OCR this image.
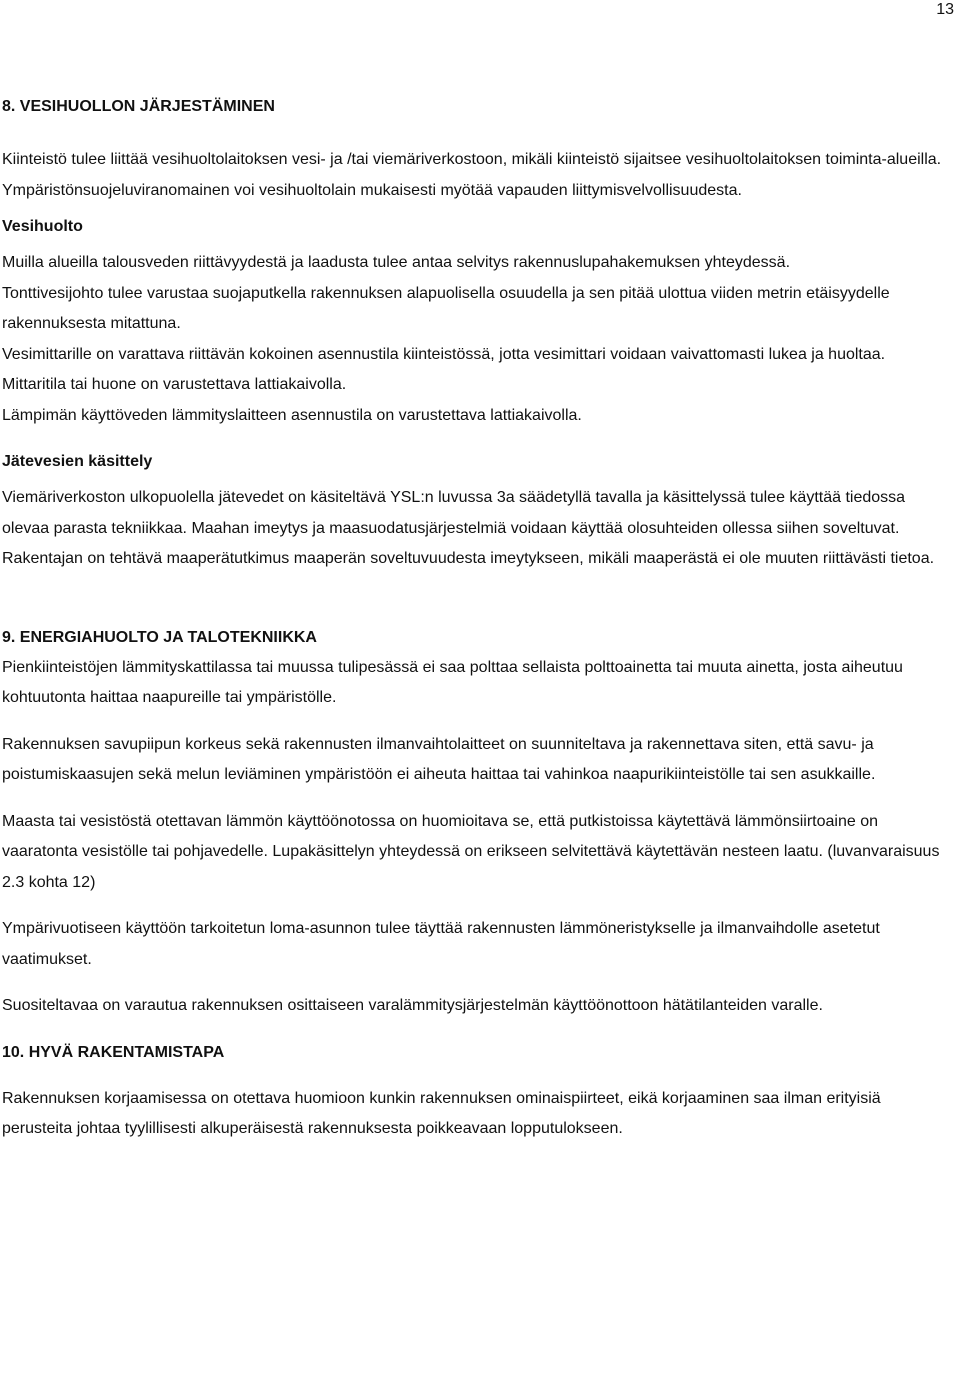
13
8. VESIHUOLLON JÄRJESTÄMINEN
Kiinteistö tulee liittää vesihuoltolaitoksen vesi- ja /tai viemäriverkostoon, mikäli kiinteistö sijaitsee vesihuoltolaitoksen toiminta-alueilla. Ympäristönsuojeluviranomainen voi vesihuoltolain mukaisesti myötää vapauden liittymisvelvollisuudesta.
Vesihuolto
Muilla alueilla talousveden riittävyydestä ja laadusta tulee antaa selvitys rakennuslupahakemuksen yhteydessä.
Tonttivesijohto tulee varustaa suojaputkella rakennuksen alapuolisella osuudella ja sen pitää ulottua viiden metrin etäisyydelle rakennuksesta mitattuna.
Vesimittarille on varattava riittävän kokoinen asennustila kiinteistössä, jotta vesimittari voidaan vaivattomasti lukea ja huoltaa. Mittaritila tai huone on varustettava lattiakaivolla.
Lämpimän käyttöveden lämmityslaitteen asennustila on varustettava lattiakaivolla.
Jätevesien käsittely
Viemäriverkoston ulkopuolella jätevedet on käsiteltävä YSL:n luvussa 3a säädetyllä tavalla ja käsittelyssä tulee käyttää tiedossa olevaa parasta tekniikkaa. Maahan imeytys ja maasuodatusjärjestelmiä voidaan käyttää olosuhteiden ollessa siihen soveltuvat. Rakentajan on tehtävä maaperätutkimus maaperän soveltuvuudesta imeytykseen, mikäli maaperästä ei ole muuten riittävästi tietoa.
9. ENERGIAHUOLTO JA TALOTEKNIIKKA
Pienkiinteistöjen lämmityskattilassa tai muussa tulipesässä ei saa polttaa sellaista polttoainetta tai muuta ainetta, josta aiheutuu kohtuutonta haittaa naapureille tai ympäristölle.
Rakennuksen savupiipun korkeus sekä rakennusten ilmanvaihtolaitteet on suunniteltava ja rakennettava siten, että savu- ja poistumiskaasujen sekä melun leviäminen ympäristöön ei aiheuta haittaa tai vahinkoa naapurikiinteistölle tai sen asukkaille.
Maasta tai vesistöstä otettavan lämmön käyttöönotossa on huomioitava se, että putkistoissa käytettävä lämmönsiirtoaine on vaaratonta vesistölle tai pohjavedelle. Lupakäsittelyn yhteydessä on erikseen selvitettävä käytettävän nesteen laatu. (luvanvaraisuus 2.3 kohta 12)
Ympärivuotiseen käyttöön tarkoitetun loma-asunnon tulee täyttää rakennusten lämmöneristykselle ja ilmanvaihdolle asetetut vaatimukset.
Suositeltavaa on varautua rakennuksen osittaiseen varalämmitysjärjestelmän käyttöönottoon hätätilanteiden varalle.
10. HYVÄ RAKENTAMISTAPA
Rakennuksen korjaamisessa on otettava huomioon kunkin rakennuksen ominaispiirteet, eikä korjaaminen saa ilman erityisiä perusteita johtaa tyylillisesti alkuperäisestä rakennuksesta poikkeavaan lopputulokseen.
